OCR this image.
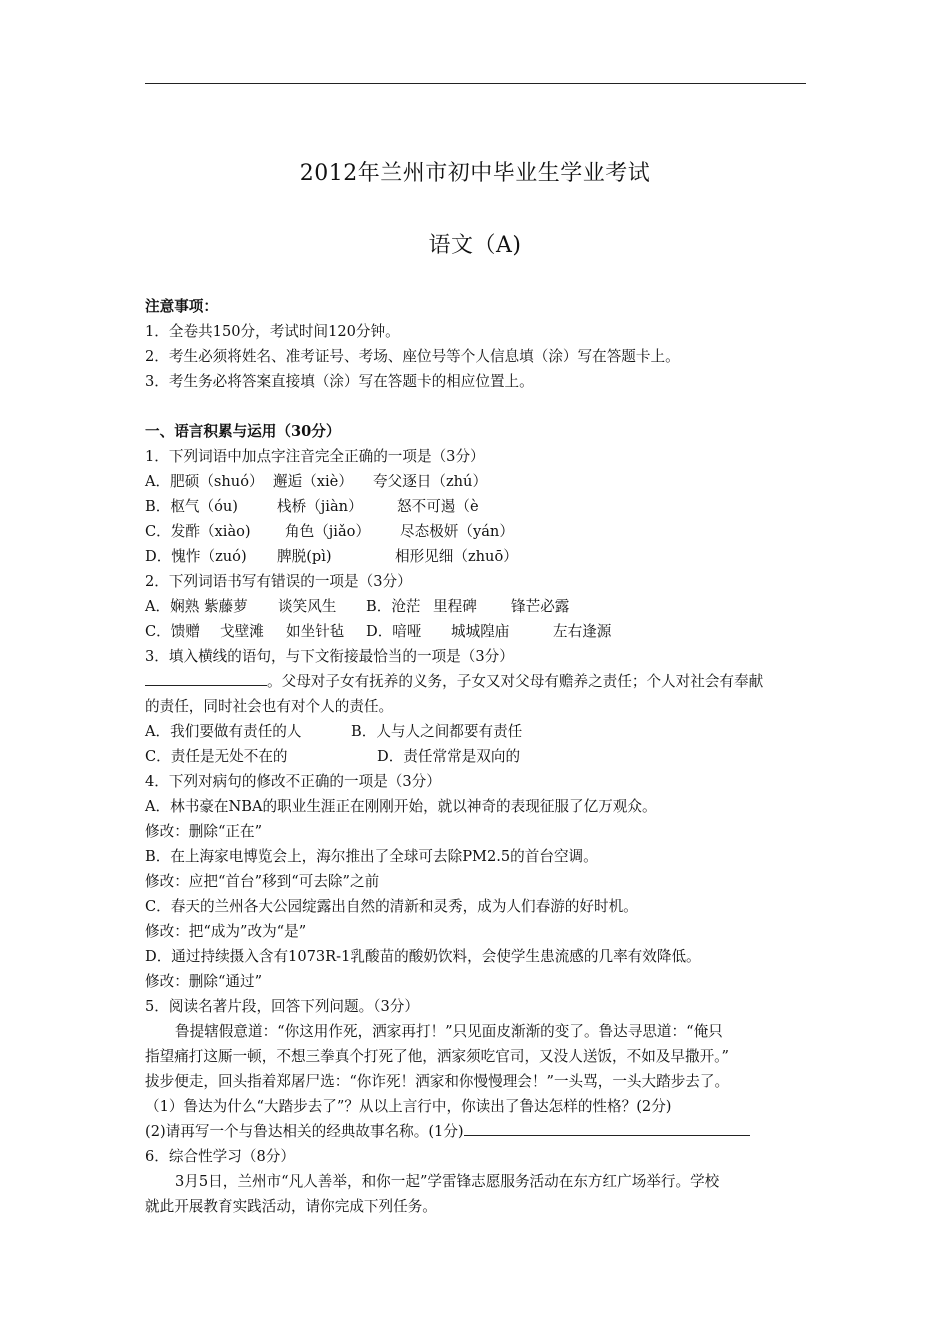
2012年兰州市初中毕业生学业考试
语文（A)
注意事项：
1．全卷共150分，考试时间120分钟。
2．考生必须将姓名、准考证号、考场、座位号等个人信息填（涂）写在答题卡上。
3．考生务必将答案直接填（涂）写在答题卡的相应位置上。
一、语言积累与运用（30分）
1．下列词语中加点字注音完全正确的一项是（3分）
A．肥硕（shuó） 邂逅（xiè） 夸父逐日（zhú）
B．枢气（óu)	栈桥（jiàn） 怒不可遏（è
C．发酢（xiào) 角色（jiǎo） 尽态极妍（yán）
D．愧怍（zuó) 脾脱(pì)	相形见细（zhuō）
2．下列词语书写有错误的一项是（3分）
A．娴熟 紫藤萝 谈笑风生 B．沧茫 里程碑 锋芒必露
C．馈赠 戈壁滩 如坐针毡 D．喑哑 城城隍庙	左右逢源
3．填入横线的语句，与下文衔接最恰当的一项是（3分）
。父母对子女有抚养的义务，子女又对父母有赡养之责任；个人对社会有奉献
的责任，同时社会也有对个人的责任。
A．我们要做有责任的人	B．人与人之间都要有责任
C．责任是无处不在的	D．责任常常是双向的
4．下列对病句的修改不正确的一项是（3分）
A．林书豪在NBA的职业生涯正在刚刚开始，就以神奇的表现征服了亿万观众。
修改：删除“正在”
B．在上海家电博览会上，海尔推出了全球可去除PM2.5的首台空调。
修改：应把“首台”移到“可去除”之前
C．春天的兰州各大公园绽露出自然的清新和灵秀，成为人们春游的好时机。
修改：把“成为”改为“是”
D．通过持续摄入含有1073R-1乳酸苗的酸奶饮料，会使学生患流感的几率有效降低。
修改：删除“通过”
5．阅读名著片段，回答下列问题。（3分）
鲁提辖假意道：“你这用作死，洒家再打！”只见面皮渐渐的变了。鲁达寻思道：“俺只
指望痛打这厮一顿，不想三拳真个打死了他，洒家须吃官司，又没人送饭，不如及早撒开。”
拔步便走，回头指着郑屠尸选：“你诈死！洒家和你慢慢理会！”一头骂，一头大踏步去了。
（1）鲁达为什么“大踏步去了”？从以上言行中，你读出了鲁达怎样的性格？(2分)
(2)请再写一个与鲁达相关的经典故事名称。(1分)
6．综合性学习（8分）
3月5日，兰州市“凡人善举，和你一起”学雷锋志愿服务活动在东方红广场举行。学校
就此开展教育实践活动，请你完成下列任务。
